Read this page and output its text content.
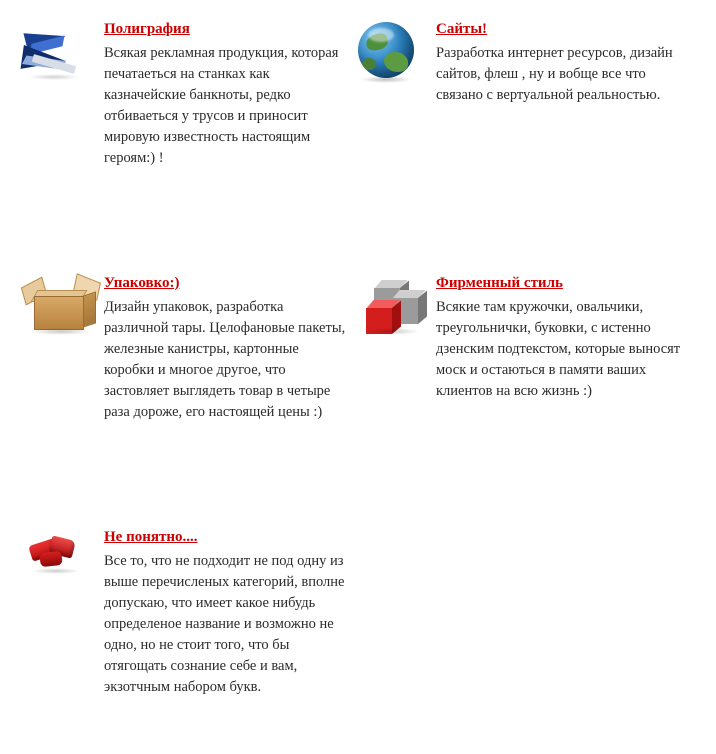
Полиграфия

Всякая рекламная продукция, которая печатаеться на станках как казначейские банкноты, редко отбиваеться у трусов и приносит мировую известность настоящим героям:) !

Сайты!

Разработка интернет ресурсов, дизайн сайтов, флеш , ну и вобще все что связано с вертуальной реальностью.

Упаковко:)

Дизайн упаковок, разработка различной тары. Целофановые пакеты, железные канистры, картонные коробки и многое другое, что застовляет выглядеть товар в четыре раза дороже, его настоящей цены :)

Фирменный стиль

Всякие там кружочки, овальчики, треугольнички, буковки, с истенно дзенским подтекстом, которые выносят моск и остаються в памяти ваших клиентов на всю жизнь :)

Не понятно....

Все то, что не подходит не под одну из выше перечисленых категорий, вполне допускаю, что имеет какое нибудь определеное название и возможно не одно, но не стоит того, что бы отягощать сознание себе и вам, экзотчным набором букв.
